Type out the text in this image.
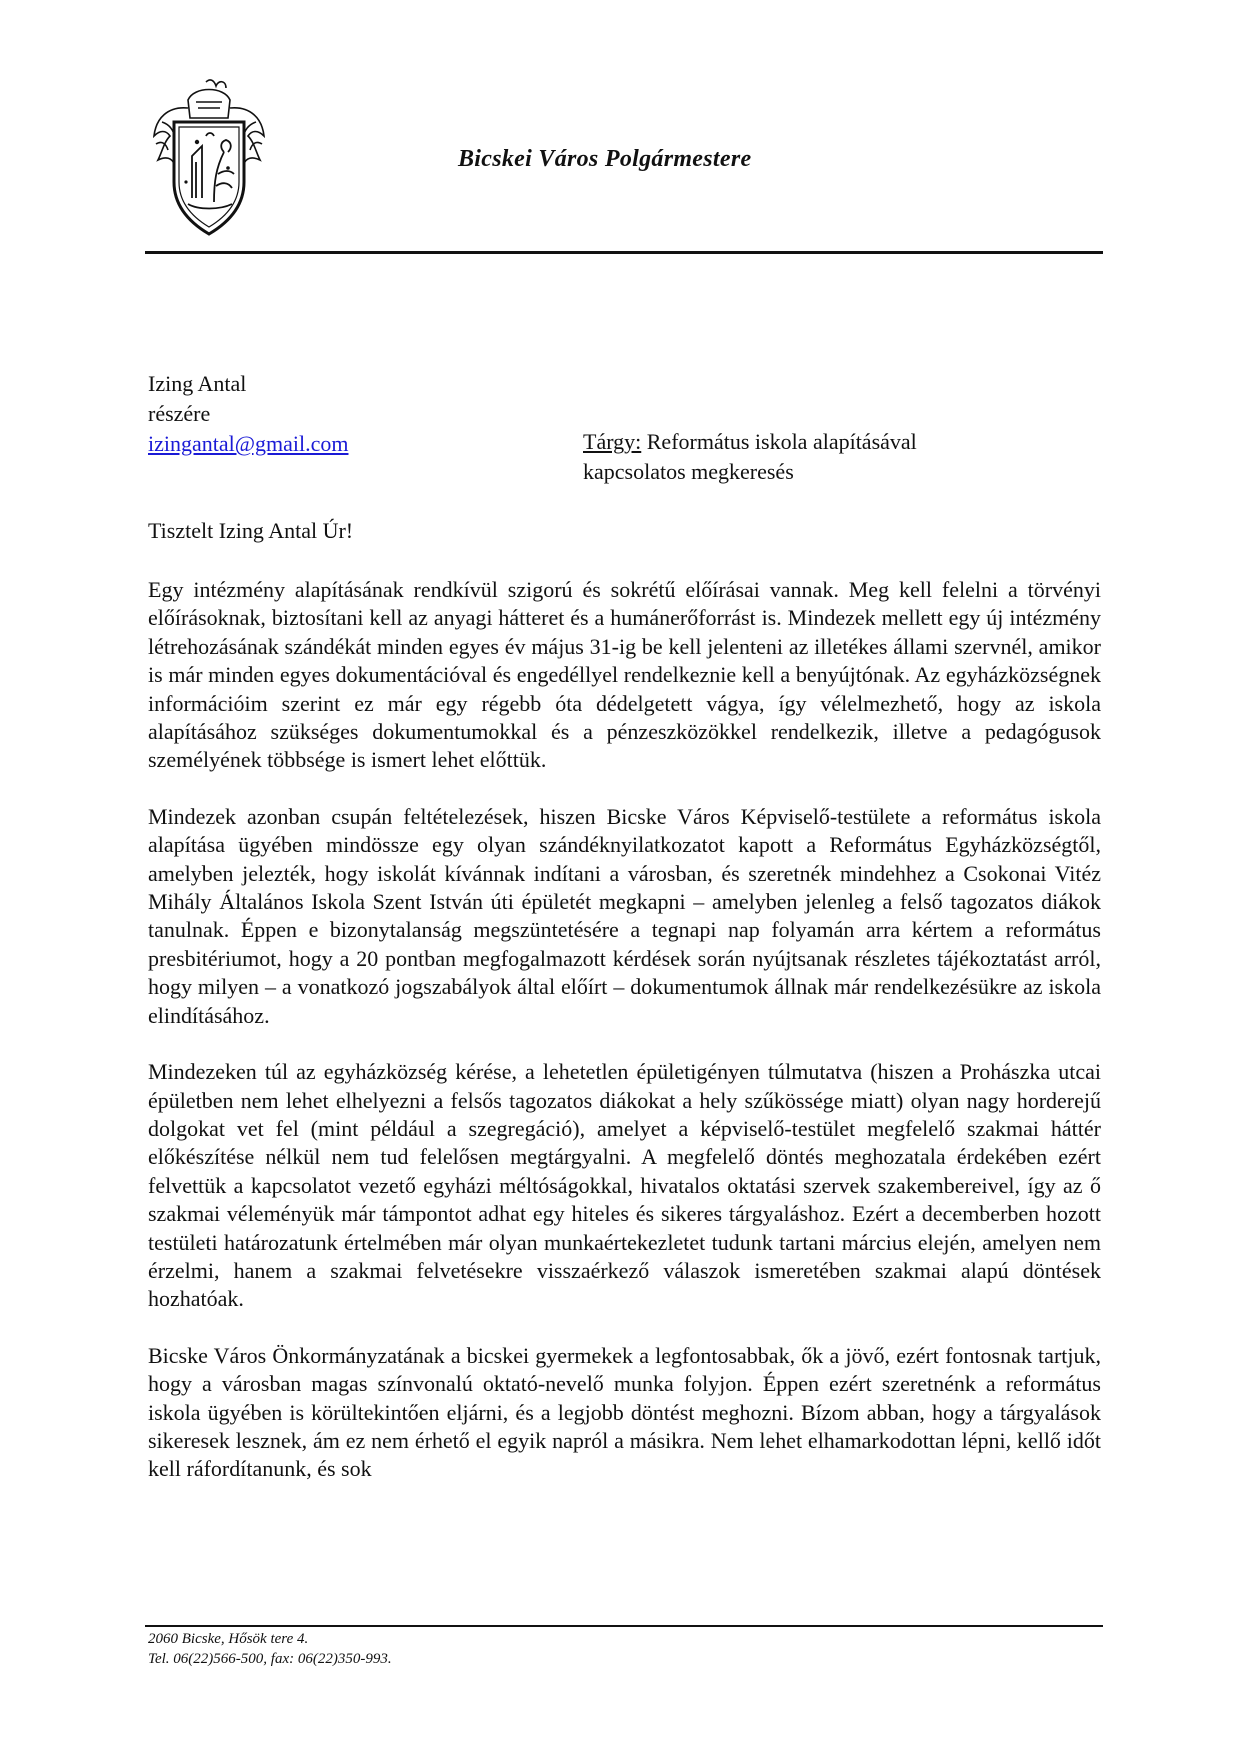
Bicskei Város Polgármestere
Izing Antal
részére
izingantal@gmail.com	Tárgy: Református iskola alapításával
kapcsolatos megkeresés
Tisztelt Izing Antal Úr!

Egy intézmény alapításának rendkívül szigorú és sokrétű előírásai vannak. Meg kell felelni a törvényi előírásoknak, biztosítani kell az anyagi hátteret és a humánerőforrást is. Mindezek mellett egy új intézmény létrehozásának szándékát minden egyes év május 31-ig be kell jelenteni az illetékes állami szervnél, amikor is már minden egyes dokumentációval és engedéllyel rendelkeznie kell a benyújtónak. Az egyházközségnek információim szerint ez már egy régebb óta dédelgetett vágya, így vélelmezhető, hogy az iskola alapításához szükséges dokumentumokkal és a pénzeszközökkel rendelkezik, illetve a pedagógusok személyének többsége is ismert lehet előttük.

Mindezek azonban csupán feltételezések, hiszen Bicske Város Képviselő-testülete a református iskola alapítása ügyében mindössze egy olyan szándéknyilatkozatot kapott a Református Egyházközségtől, amelyben jelezték, hogy iskolát kívánnak indítani a városban, és szeretnék mindehhez a Csokonai Vitéz Mihály Általános Iskola Szent István úti épületét megkapni – amelyben jelenleg a felső tagozatos diákok tanulnak. Éppen e bizonytalanság megszüntetésére a tegnapi nap folyamán arra kértem a református presbitériumot, hogy a 20 pontban megfogalmazott kérdések során nyújtsanak részletes tájékoztatást arról, hogy milyen – a vonatkozó jogszabályok által előírt – dokumentumok állnak már rendelkezésükre az iskola elindításához.

Mindezeken túl az egyházközség kérése, a lehetetlen épületigényen túlmutatva (hiszen a Prohászka utcai épületben nem lehet elhelyezni a felsős tagozatos diákokat a hely szűkössége miatt) olyan nagy horderejű dolgokat vet fel (mint például a szegregáció), amelyet a képviselő-testület megfelelő szakmai háttér előkészítése nélkül nem tud felelősen megtárgyalni. A megfelelő döntés meghozatala érdekében ezért felvettük a kapcsolatot vezető egyházi méltóságokkal, hivatalos oktatási szervek szakembereivel, így az ő szakmai véleményük már támpontot adhat egy hiteles és sikeres tárgyaláshoz. Ezért a decemberben hozott testületi határozatunk értelmében már olyan munkaértekezletet tudunk tartani március elején, amelyen nem érzelmi, hanem a szakmai felvetésekre visszaérkező válaszok ismeretében szakmai alapú döntések hozhatóak.

Bicske Város Önkormányzatának a bicskei gyermekek a legfontosabbak, ők a jövő, ezért fontosnak tartjuk, hogy a városban magas színvonalú oktató-nevelő munka folyjon. Éppen ezért szeretnénk a református iskola ügyében is körültekintően eljárni, és a legjobb döntést meghozni. Bízom abban, hogy a tárgyalások sikeresek lesznek, ám ez nem érhető el egyik napról a másikra. Nem lehet elhamarkodottan lépni, kellő időt kell ráfordítanunk, és sok

2060 Bicske, Hősök tere 4.
Tel. 06(22)566-500, fax: 06(22)350-993.
